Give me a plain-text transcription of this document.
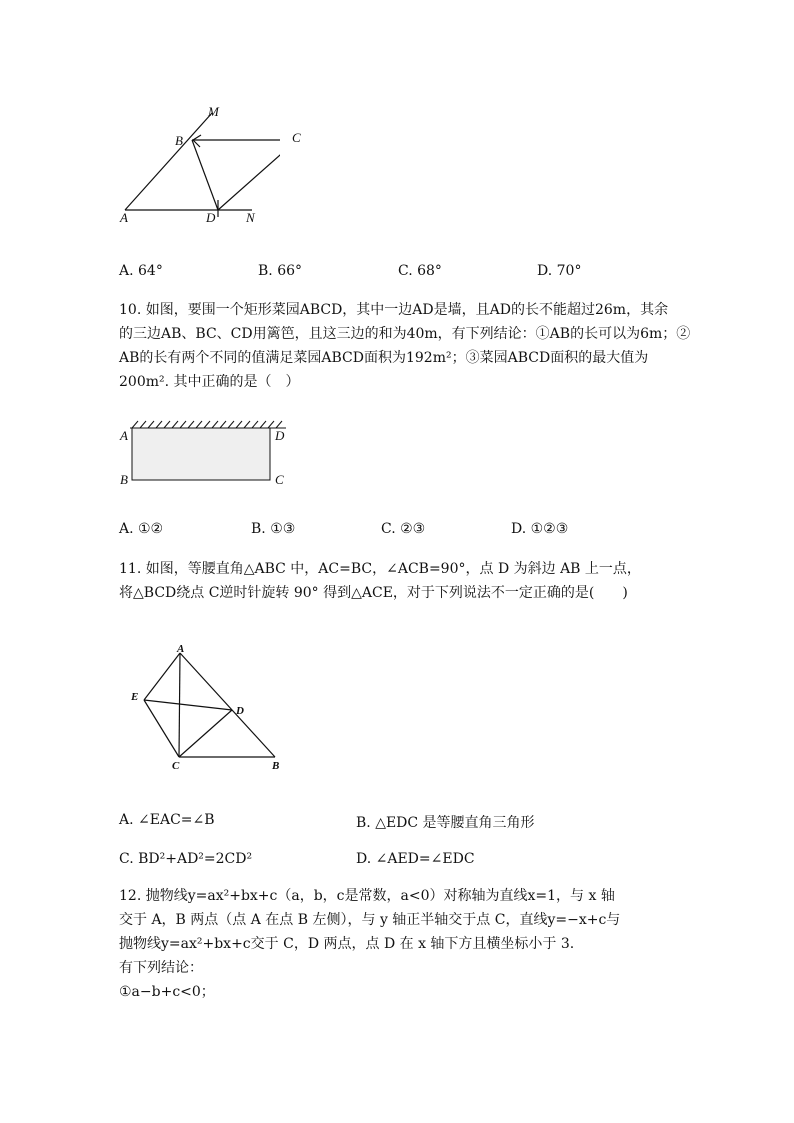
M
B	C
A	D N
A. 64°	B. 66°	C. 68°	D. 70°
10. 如图，要围一个矩形菜园ABCD，其中一边AD是墙，且AD的长不能超过26m，其余
的三边AB、BC、CD用篱笆，且这三边的和为40m，有下列结论：①AB的长可以为6m；②
AB的长有两个不同的值满足菜园ABCD面积为192m²；③菜园ABCD面积的最大值为
200m². 其中正确的是（　）
A	D
B	C
A. ①②	B. ①③	C. ②③	D. ①②③
11. 如图，等腰直角△ABC 中，AC=BC，∠ACB=90°，点 D 为斜边 AB 上一点，
将△BCD绕点 C逆时针旋转 90° 得到△ACE，对于下列说法不一定正确的是(　　)
A
E
D
C	B
A. ∠EAC=∠B	B. △EDC 是等腰直角三角形
C. BD²+AD²=2CD²	D. ∠AED=∠EDC
12. 抛物线y=ax²+bx+c（a，b，c是常数，a<0）对称轴为直线x=1，与 x 轴
交于 A，B 两点（点 A 在点 B 左侧），与 y 轴正半轴交于点 C，直线y=−x+c与
抛物线y=ax²+bx+c交于 C，D 两点，点 D 在 x 轴下方且横坐标小于 3.
有下列结论：
①a−b+c<0；
